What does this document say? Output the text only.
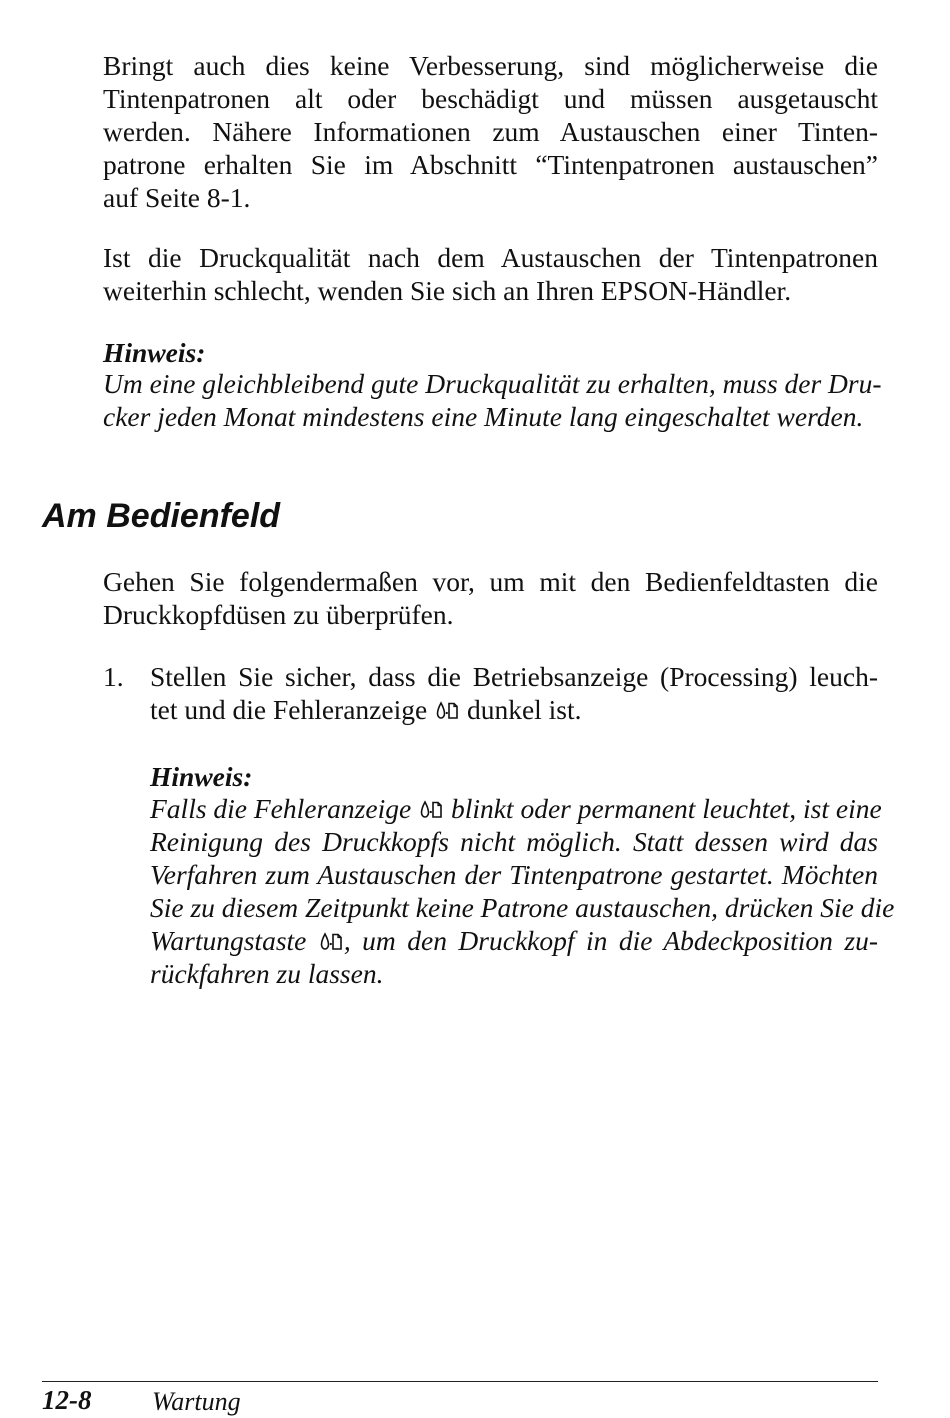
Bringt auch dies keine Verbesserung, sind möglicherweise die
Tintenpatronen alt oder beschädigt und müssen ausgetauscht
werden. Nähere Informationen zum Austauschen einer Tinten-
patrone erhalten Sie im Abschnitt “Tintenpatronen austauschen”
auf Seite 8-1.

Ist die Druckqualität nach dem Austauschen der Tintenpatronen
weiterhin schlecht, wenden Sie sich an Ihren EPSON-Händler.

Hinweis:

Um eine gleichbleibend gute Druckqualität zu erhalten, muss der Dru-
cker jeden Monat mindestens eine Minute lang eingeschaltet werden.

Am Bedienfeld

Gehen Sie folgendermaßen vor, um mit den Bedienfeldtasten die
Druckkopfdüsen zu überprüfen.

1. Stellen Sie sicher, dass die Betriebsanzeige (Processing) leuch-
tet und die Fehleranzeige dunkel ist.

Hinweis:

Falls die Fehleranzeige blinkt oder permanent leuchtet, ist eine
Reinigung des Druckkopfs nicht möglich. Statt dessen wird das
Verfahren zum Austauschen der Tintenpatrone gestartet. Möchten
Sie zu diesem Zeitpunkt keine Patrone austauschen, drücken Sie die
Wartungstaste , um den Druckkopf in die Abdeckposition zu-
rückfahren zu lassen.

12-8 Wartung
